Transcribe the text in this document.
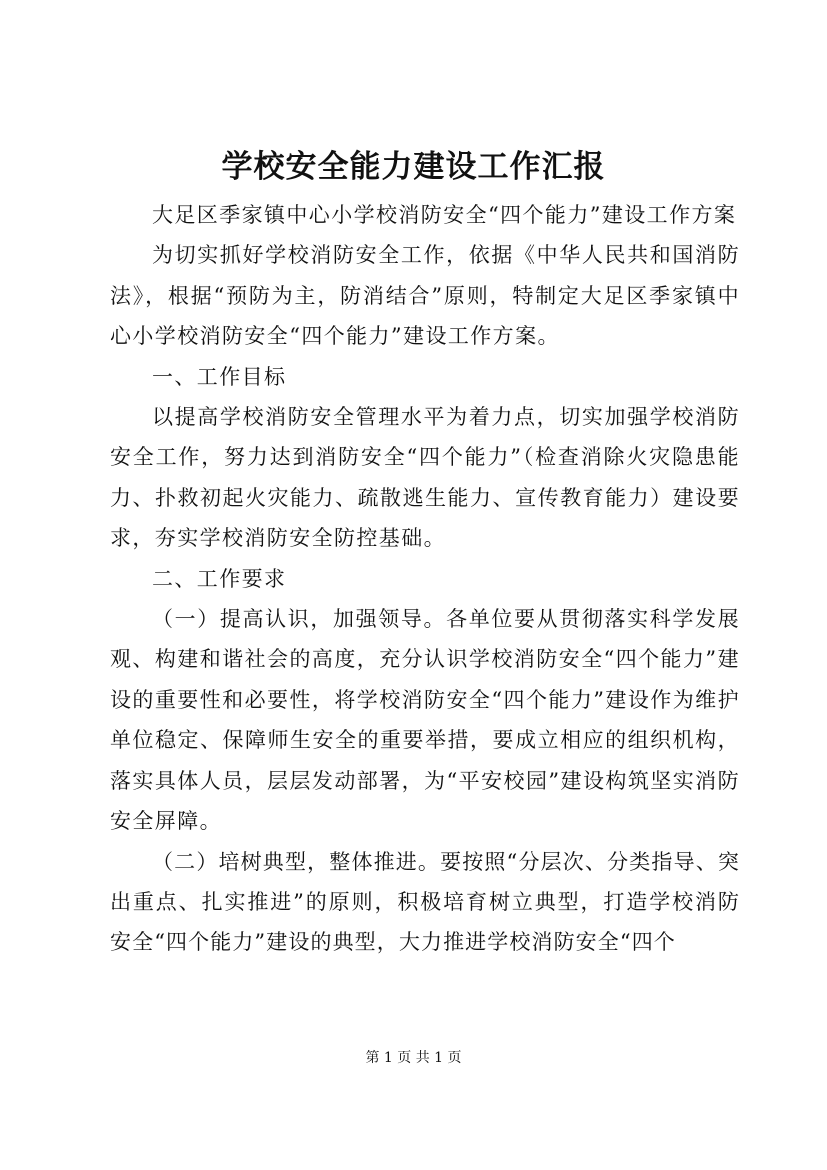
学校安全能力建设工作汇报

大足区季家镇中心小学校消防安全“四个能力”建设工作方案

为切实抓好学校消防安全工作，依据《中华人民共和国消防法》，根据“预防为主，防消结合”原则，特制定大足区季家镇中心小学校消防安全“四个能力”建设工作方案。

一、工作目标

以提高学校消防安全管理水平为着力点，切实加强学校消防安全工作，努力达到消防安全“四个能力”（检查消除火灾隐患能力、扑救初起火灾能力、疏散逃生能力、宣传教育能力）建设要求，夯实学校消防安全防控基础。

二、工作要求

（一）提高认识，加强领导。各单位要从贯彻落实科学发展观、构建和谐社会的高度，充分认识学校消防安全“四个能力”建设的重要性和必要性，将学校消防安全“四个能力”建设作为维护单位稳定、保障师生安全的重要举措，要成立相应的组织机构，落实具体人员，层层发动部署，为“平安校园”建设构筑坚实消防安全屏障。

（二）培树典型，整体推进。要按照“分层次、分类指导、突出重点、扎实推进”的原则，积极培育树立典型，打造学校消防安全“四个能力”建设的典型，大力推进学校消防安全“四个

第 1 页 共 1 页
